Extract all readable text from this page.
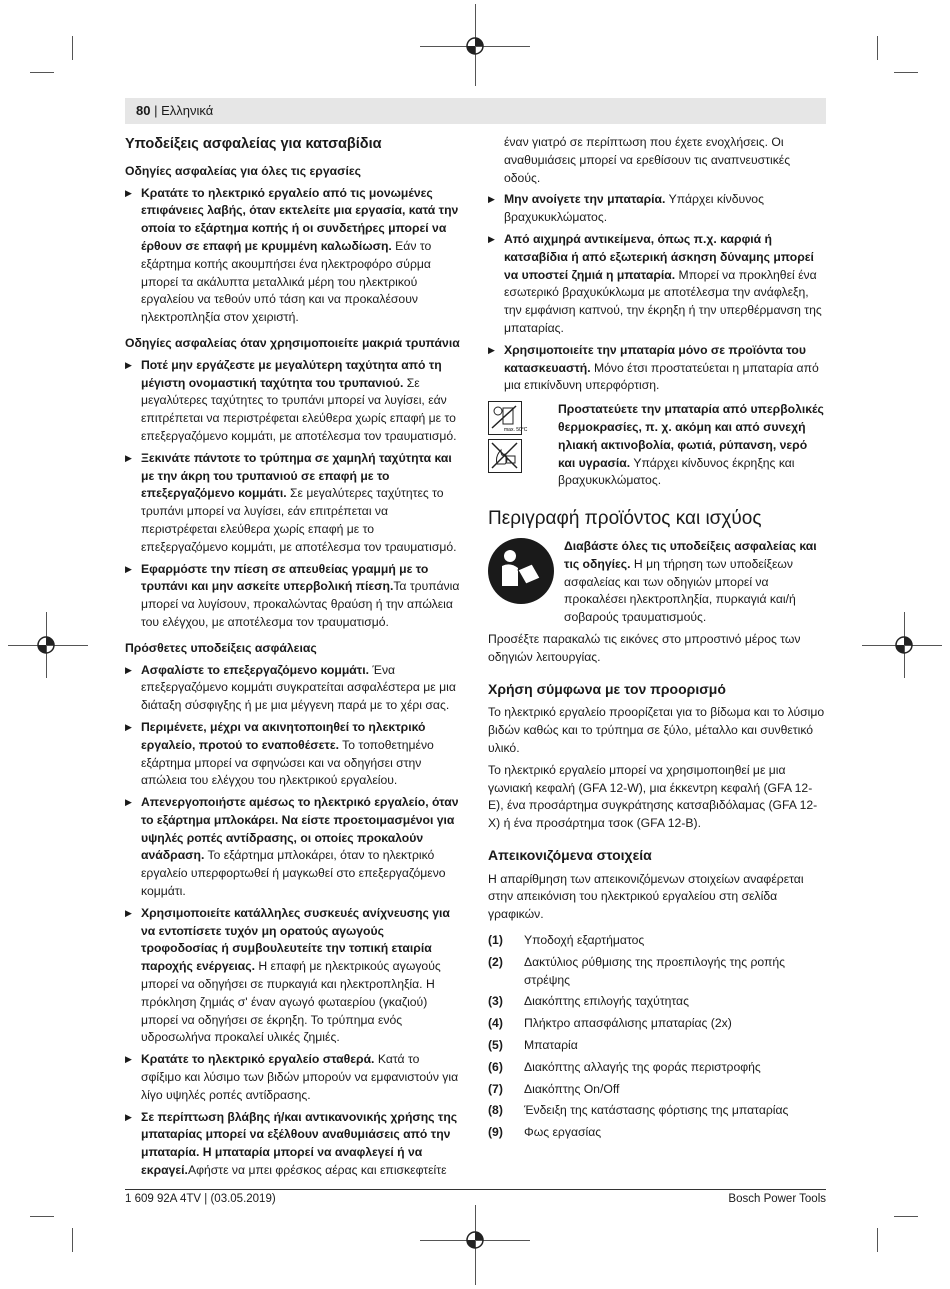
80 | Ελληνικά
Υποδείξεις ασφαλείας για κατσαβίδια
Οδηγίες ασφαλείας για όλες τις εργασίες
▶ Κρατάτε το ηλεκτρικό εργαλείο από τις μονωμένες επιφάνειες λαβής, όταν εκτελείτε μια εργασία, κατά την οποία το εξάρτημα κοπής ή οι συνδετήρες μπορεί να έρθουν σε επαφή με κρυμμένη καλωδίωση. Εάν το εξάρτημα κοπής ακουμπήσει ένα ηλεκτροφόρο σύρμα μπορεί τα ακάλυπτα μεταλλικά μέρη του ηλεκτρικού εργαλείου να τεθούν υπό τάση και να προκαλέσουν ηλεκτροπληξία στον χειριστή.
Οδηγίες ασφαλείας όταν χρησιμοποιείτε μακριά τρυπάνια
▶ Ποτέ μην εργάζεστε με μεγαλύτερη ταχύτητα από τη μέγιστη ονομαστική ταχύτητα του τρυπανιού. Σε μεγαλύτερες ταχύτητες το τρυπάνι μπορεί να λυγίσει, εάν επιτρέπεται να περιστρέφεται ελεύθερα χωρίς επαφή με το επεξεργαζόμενο κομμάτι, με αποτέλεσμα τον τραυματισμό.
▶ Ξεκινάτε πάντοτε το τρύπημα σε χαμηλή ταχύτητα και με την άκρη του τρυπανιού σε επαφή με το επεξεργαζόμενο κομμάτι. Σε μεγαλύτερες ταχύτητες το τρυπάνι μπορεί να λυγίσει, εάν επιτρέπεται να περιστρέφεται ελεύθερα χωρίς επαφή με το επεξεργαζόμενο κομμάτι, με αποτέλεσμα τον τραυματισμό.
▶ Εφαρμόστε την πίεση σε απευθείας γραμμή με το τρυπάνι και μην ασκείτε υπερβολική πίεση.Τα τρυπάνια μπορεί να λυγίσουν, προκαλώντας θραύση ή την απώλεια του ελέγχου, με αποτέλεσμα τον τραυματισμό.
Πρόσθετες υποδείξεις ασφάλειας
▶ Ασφαλίστε το επεξεργαζόμενο κομμάτι. Ένα επεξεργαζόμενο κομμάτι συγκρατείται ασφαλέστερα με μια διάταξη σύσφιγξης ή με μια μέγγενη παρά με το χέρι σας.
▶ Περιμένετε, μέχρι να ακινητοποιηθεί το ηλεκτρικό εργαλείο, προτού το εναποθέσετε. Το τοποθετημένο εξάρτημα μπορεί να σφηνώσει και να οδηγήσει στην απώλεια του ελέγχου του ηλεκτρικού εργαλείου.
▶ Απενεργοποιήστε αμέσως το ηλεκτρικό εργαλείο, όταν το εξάρτημα μπλοκάρει. Να είστε προετοιμασμένοι για υψηλές ροπές αντίδρασης, οι οποίες προκαλούν ανάδραση. Το εξάρτημα μπλοκάρει, όταν το ηλεκτρικό εργαλείο υπερφορτωθεί ή μαγκωθεί στο επεξεργαζόμενο κομμάτι.
▶ Χρησιμοποιείτε κατάλληλες συσκευές ανίχνευσης για να εντοπίσετε τυχόν μη ορατούς αγωγούς τροφοδοσίας ή συμβουλευτείτε την τοπική εταιρία παροχής ενέργειας. Η επαφή με ηλεκτρικούς αγωγούς μπορεί να οδηγήσει σε πυρκαγιά και ηλεκτροπληξία. Η πρόκληση ζημιάς σ' έναν αγωγό φωταερίου (γκαζιού) μπορεί να οδηγήσει σε έκρηξη. Το τρύπημα ενός υδροσωλήνα προκαλεί υλικές ζημιές.
▶ Κρατάτε το ηλεκτρικό εργαλείο σταθερά. Κατά το σφίξιμο και λύσιμο των βιδών μπορούν να εμφανιστούν για λίγο υψηλές ροπές αντίδρασης.
▶ Σε περίπτωση βλάβης ή/και αντικανονικής χρήσης της μπαταρίας μπορεί να εξέλθουν αναθυμιάσεις από την μπαταρία. Η μπαταρία μπορεί να αναφλεγεί ή να εκραγεί.Αφήστε να μπει φρέσκος αέρας και επισκεφτείτε

έναν γιατρό σε περίπτωση που έχετε ενοχλήσεις. Οι αναθυμιάσεις μπορεί να ερεθίσουν τις αναπνευστικές οδούς.

▶ Μην ανοίγετε την μπαταρία. Υπάρχει κίνδυνος βραχυκυκλώματος.
▶ Από αιχμηρά αντικείμενα, όπως π.χ. καρφιά ή κατσαβίδια ή από εξωτερική άσκηση δύναμης μπορεί να υποστεί ζημιά η μπαταρία. Μπορεί να προκληθεί ένα εσωτερικό βραχυκύκλωμα με αποτέλεσμα την ανάφλεξη, την εμφάνιση καπνού, την έκρηξη ή την υπερθέρμανση της μπαταρίας.
▶ Χρησιμοποιείτε την μπαταρία μόνο σε προϊόντα του κατασκευαστή. Μόνο έτσι προστατεύεται η μπαταρία από μια επικίνδυνη υπερφόρτιση.
max. 50°C
Προστατεύετε την μπαταρία από υπερβολικές θερμοκρασίες, π. χ. ακόμη και από συνεχή ηλιακή ακτινοβολία, φωτιά, ρύπανση, νερό και υγρασία. Υπάρχει κίνδυνος έκρηξης και βραχυκυκλώματος.
Περιγραφή προϊόντος και ισχύος
Διαβάστε όλες τις υποδείξεις ασφαλείας και τις οδηγίες. Η μη τήρηση των υποδείξεων ασφαλείας και των οδηγιών μπορεί να προκαλέσει ηλεκτροπληξία, πυρκαγιά και/ή σοβαρούς τραυματισμούς.

Προσέξτε παρακαλώ τις εικόνες στο μπροστινό μέρος των οδηγιών λειτουργίας.

Χρήση σύμφωνα με τον προορισμό

Το ηλεκτρικό εργαλείο προορίζεται για το βίδωμα και το λύσιμο βιδών καθώς και το τρύπημα σε ξύλο, μέταλλο και συνθετικό υλικό.

Το ηλεκτρικό εργαλείο μπορεί να χρησιμοποιηθεί με μια γωνιακή κεφαλή (GFA 12-W), μια έκκεντρη κεφαλή (GFA 12-E), ένα προσάρτημα συγκράτησης κατσαβιδόλαμας (GFA 12-X) ή ένα προσάρτημα τσοκ (GFA 12-B).

Απεικονιζόμενα στοιχεία

Η απαρίθμηση των απεικονιζόμενων στοιχείων αναφέρεται στην απεικόνιση του ηλεκτρικού εργαλείου στη σελίδα γραφικών.

(1)	Υποδοχή εξαρτήματος
(2)	Δακτύλιος ρύθμισης της προεπιλογής της ροπής στρέψης
(3)	Διακόπτης επιλογής ταχύτητας
(4)	Πλήκτρο απασφάλισης μπαταρίας (2x)
(5)	Μπαταρία
(6)	Διακόπτης αλλαγής της φοράς περιστροφής
(7)	Διακόπτης On/Off
(8)	Ένδειξη της κατάστασης φόρτισης της μπαταρίας
(9)	Φως εργασίας
1 609 92A 4TV | (03.05.2019)	Bosch Power Tools
